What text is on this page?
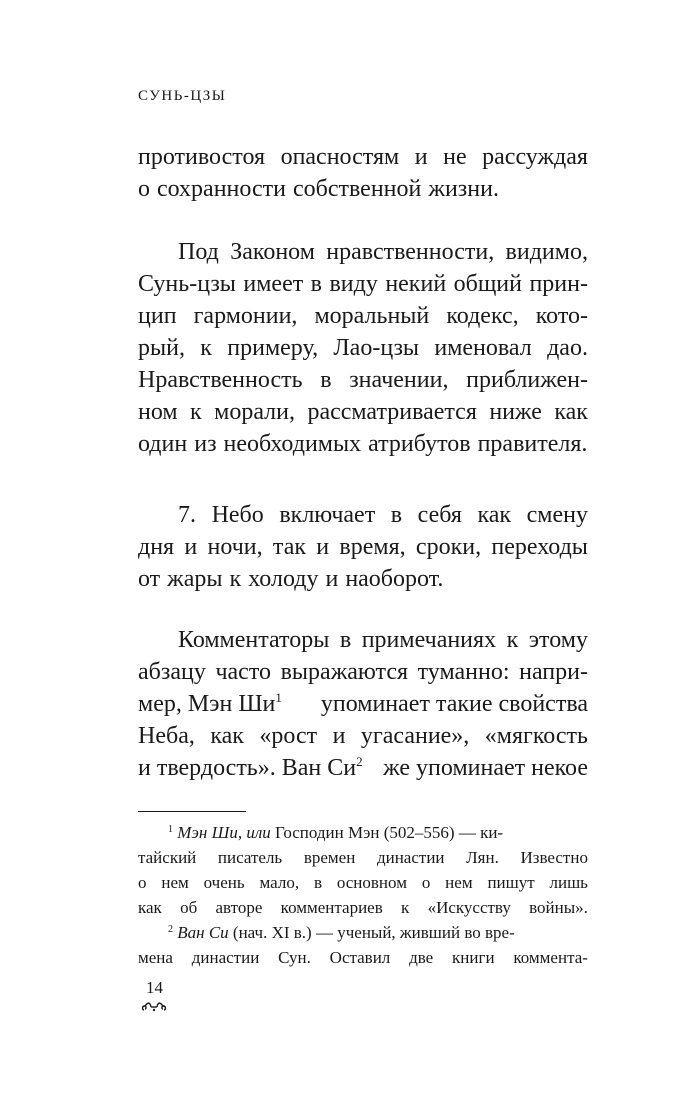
СУНЬ-ЦЗЫ
противостоя опасностям и не рассуждая
о сохранности собственной жизни.
Под Законом нравственности, видимо,
Сунь-цзы имеет в виду некий общий прин-
цип гармонии, моральный кодекс, кото-
рый, к примеру, Лао-цзы именовал дао.
Нравственность в значении, приближен-
ном к морали, рассматривается ниже как
один из необходимых атрибутов правителя.
7. Небо включает в себя как смену
дня и ночи, так и время, сроки, переходы
от жары к холоду и наоборот.
Комментаторы в примечаниях к этому
абзацу часто выражаются туманно: напри-
мер, Мэн $Ши^1$ упоминает такие свойства
Неба, как «рост и угасание», «мягкость
и твердость». Ван $Си^2$ же упоминает некое
$^1$ Мэн Ши, или Господин Мэн (502–556) — ки-
тайский писатель времен династии Лян. Известно
о нем очень мало, в основном о нем пишут лишь
как об авторе комментариев к «Искусству войны».
$^2$ Ван Си (нач. XI в.) — ученый, живший во вре-
мена династии Сун. Оставил две книги коммента-
14
